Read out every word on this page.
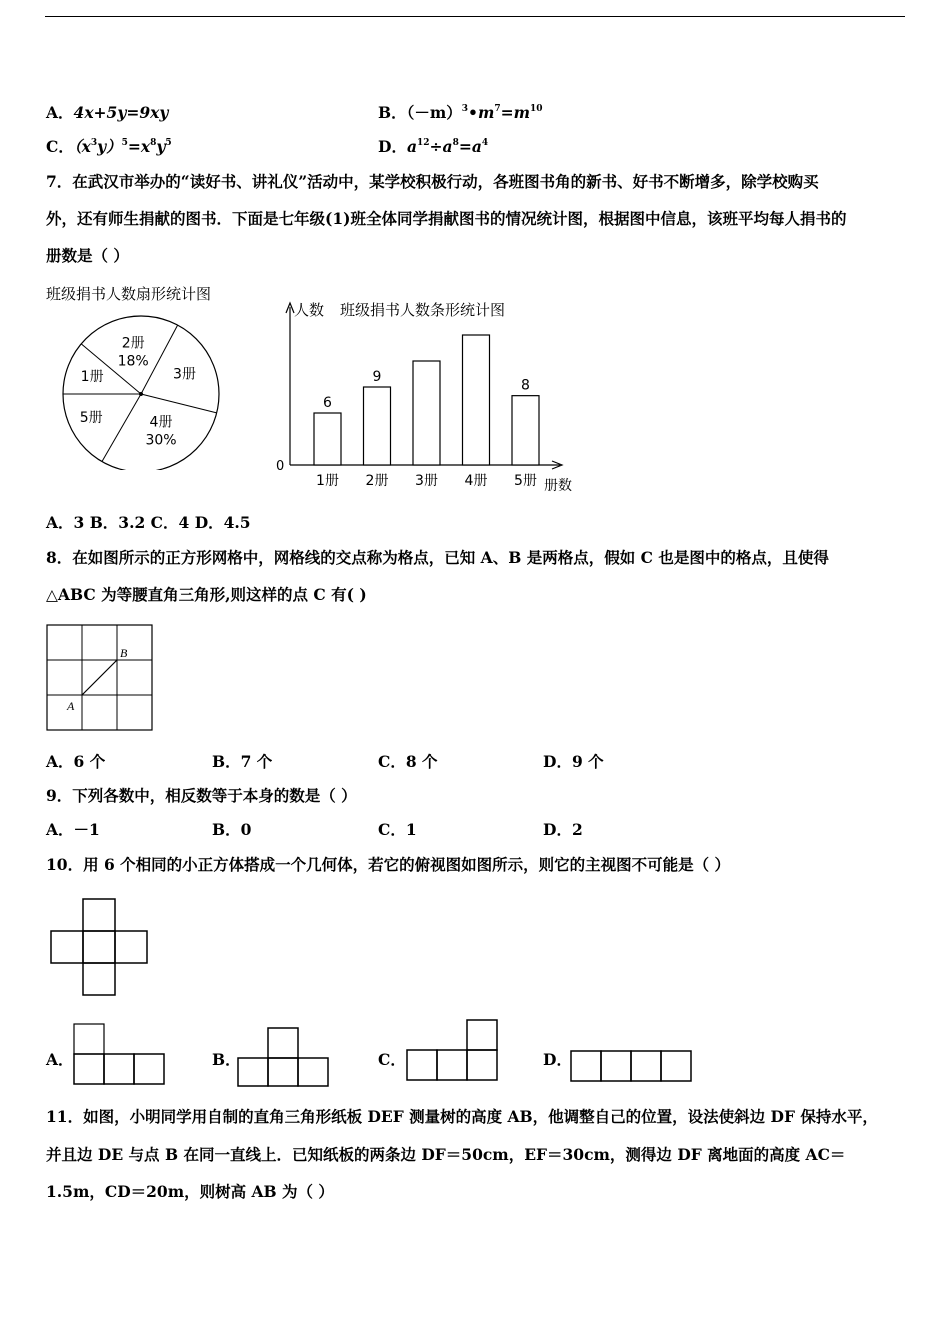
A．4x+5y=9xy	B．$(-m)^3•m^7=m^{10}$
C．$(x^3y)^5=x^8y^5$	D．$a^{12}\div a^8=a^4$
7．在武汉市举办的“读好书、讲礼仪”活动中，某学校积极行动，各班图书角的新书、好书不断增多，除学校购买
外，还有师生捐献的图书．下面是七年级(1)班全体同学捐献图书的情况统计图，根据图中信息，该班平均每人捐书的
册数是（ ）
班级捐书人数扇形统计图
1册
2册
18%
3册
4册
30%
5册
人数 班级捐书人数条形统计图
册数
0
6
1册
9
2册 3册 4册
8
5册
A．3 B．3.2 C．4 D．4.5
8．在如图所示的正方形网格中，网格线的交点称为格点，已知 A、B 是两格点，假如 C 也是图中的格点，且使得
△ABC 为等腰直角三角形,则这样的点 C 有( )
B
A
A．6 个	B．7 个	C．8 个	D．9 个
9．下列各数中，相反数等于本身的数是（ ）
A．－1	B．0	C．1	D．2
10．用 6 个相同的小正方体搭成一个几何体，若它的俯视图如图所示，则它的主视图不可能是（ ）
A．	B．	C．	D．
11．如图，小明同学用自制的直角三角形纸板 DEF 测量树的高度 AB，他调整自己的位置，设法使斜边 DF 保持水平，
并且边 DE 与点 B 在同一直线上．已知纸板的两条边 DF＝50cm，EF＝30cm，测得边 DF 离地面的高度 AC＝
1.5m，CD＝20m，则树高 AB 为（ ）
